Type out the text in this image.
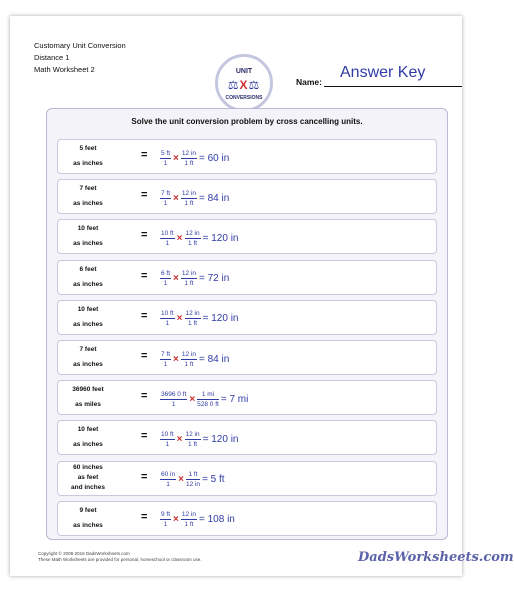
Customary Unit Conversion
Distance 1
Math Worksheet 2	UNIT
⚖X⚖
CONVERSIONS
Name:
Answer Key
Solve the unit conversion problem by cross cancelling units.
5 feet
as inches
= $\frac{5 ft}{1} \times \frac{12 in}{1 ft} = 60$ in
7 feet
as inches
= $\frac{7 ft}{1} \times \frac{12 in}{1 ft} = 84$ in
10 feet
as inches
= $\frac{10 ft}{1} \times \frac{12 in}{1 ft} = 120$ in
6 feet
as inches
= $\frac{6 ft}{1} \times \frac{12 in}{1 ft} = 72$ in
10 feet
as inches
= $\frac{10 ft}{1} \times \frac{12 in}{1 ft} = 120$ in
7 feet
as inches
= $\frac{7 ft}{1} \times \frac{12 in}{1 ft} = 84$ in
36960 feet
as miles
= $\frac{3696 0 ft}{1} \times \frac{1 mi}{528 0 ft} = 7$ mi
10 feet
as inches
= $\frac{10 ft}{1} \times \frac{12 in}{1 ft} = 120$ in
60 inches
as feet
and inches
= $\frac{60 in}{1} \times \frac{1 ft}{12 in} = 5$ ft
9 feet
as inches
= $\frac{9 ft}{1} \times \frac{12 in}{1 ft} = 108$ in
Copyright © 2008-2016 DadsWorksheets.com
These Math Worksheets are provided for personal, homeschool or classroom use.	DadsWorksheets.com
